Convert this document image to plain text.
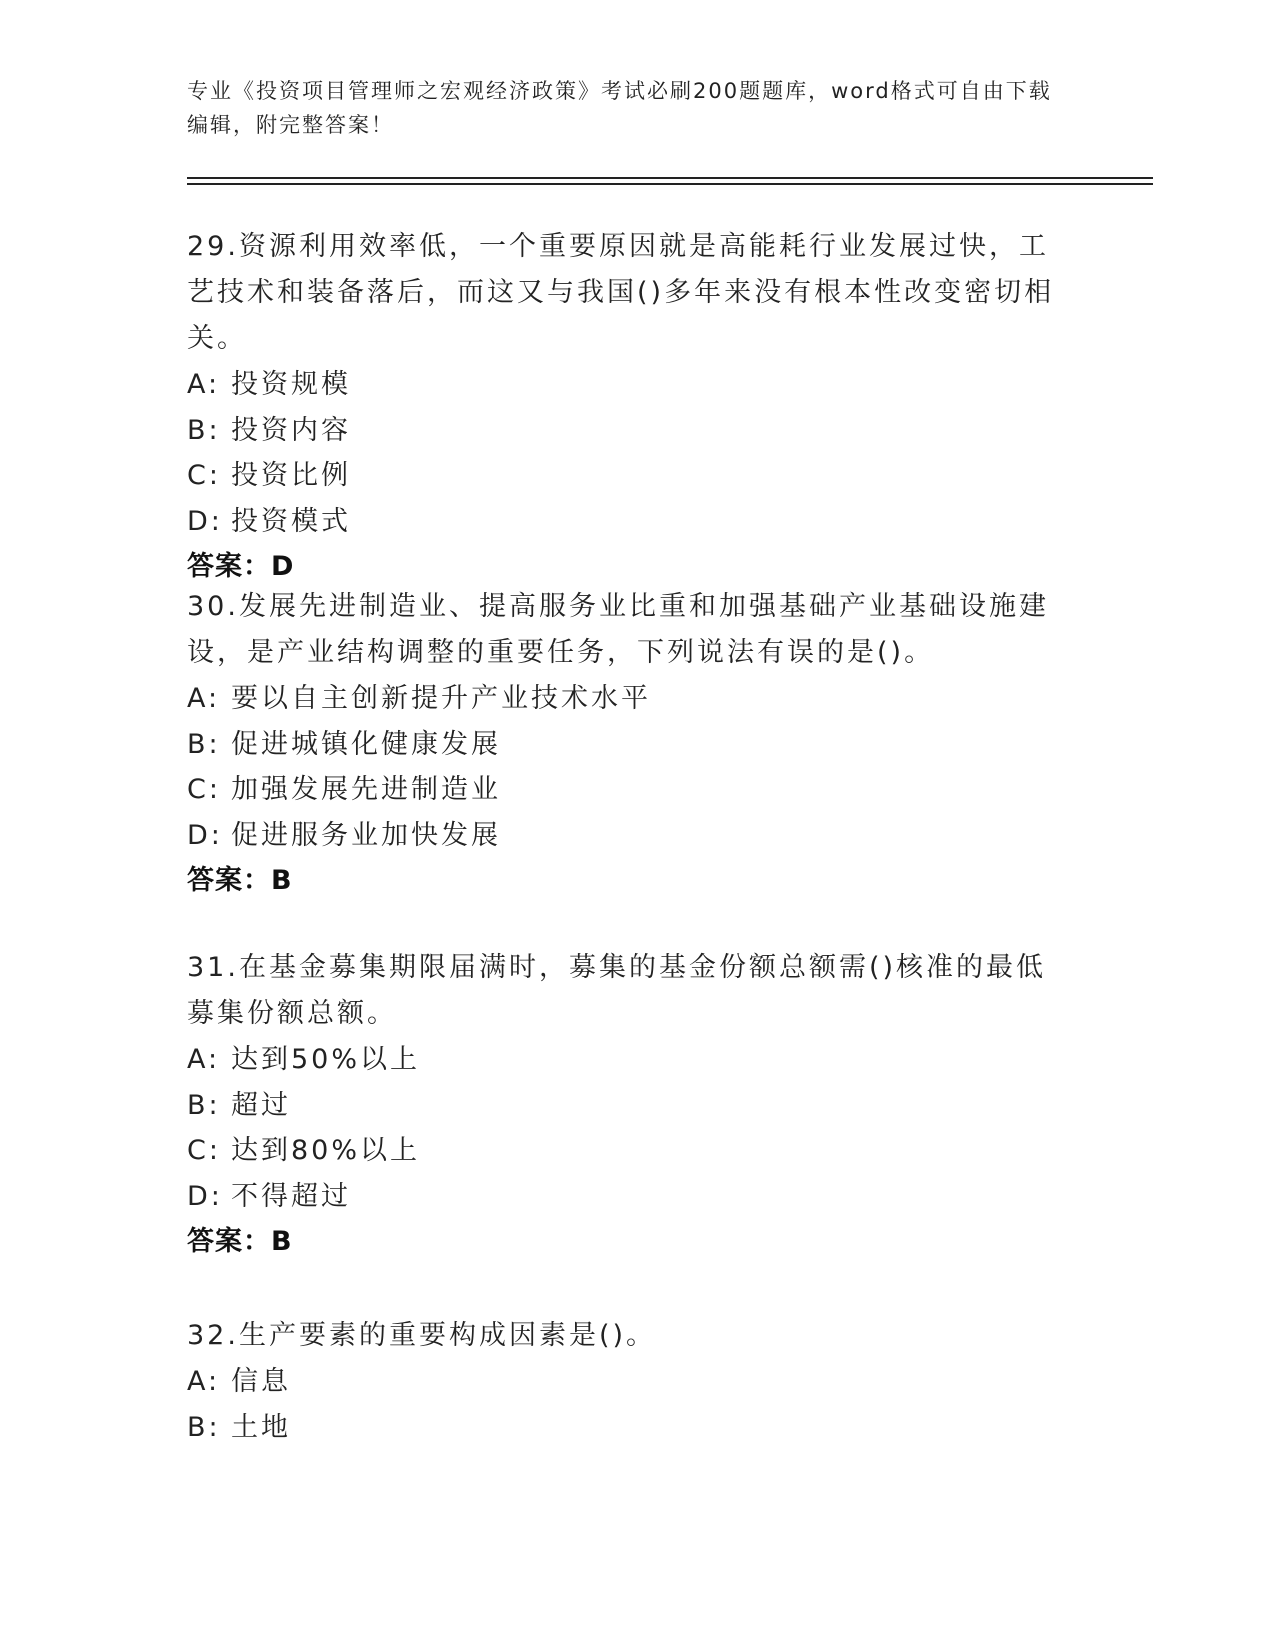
专业《投资项目管理师之宏观经济政策》考试必刷200题题库，word格式可自由下载编辑，附完整答案！
29.资源利用效率低，一个重要原因就是高能耗行业发展过快，工艺技术和装备落后，而这又与我国()多年来没有根本性改变密切相关。
A: 投资规模
B: 投资内容
C: 投资比例
D: 投资模式
答案：D
30.发展先进制造业、提高服务业比重和加强基础产业基础设施建设，是产业结构调整的重要任务，下列说法有误的是()。
A: 要以自主创新提升产业技术水平
B: 促进城镇化健康发展
C: 加强发展先进制造业
D: 促进服务业加快发展
答案：B
31.在基金募集期限届满时，募集的基金份额总额需()核准的最低募集份额总额。
A: 达到50%以上
B: 超过
C: 达到80%以上
D: 不得超过
答案：B
32.生产要素的重要构成因素是()。
A: 信息
B: 土地
